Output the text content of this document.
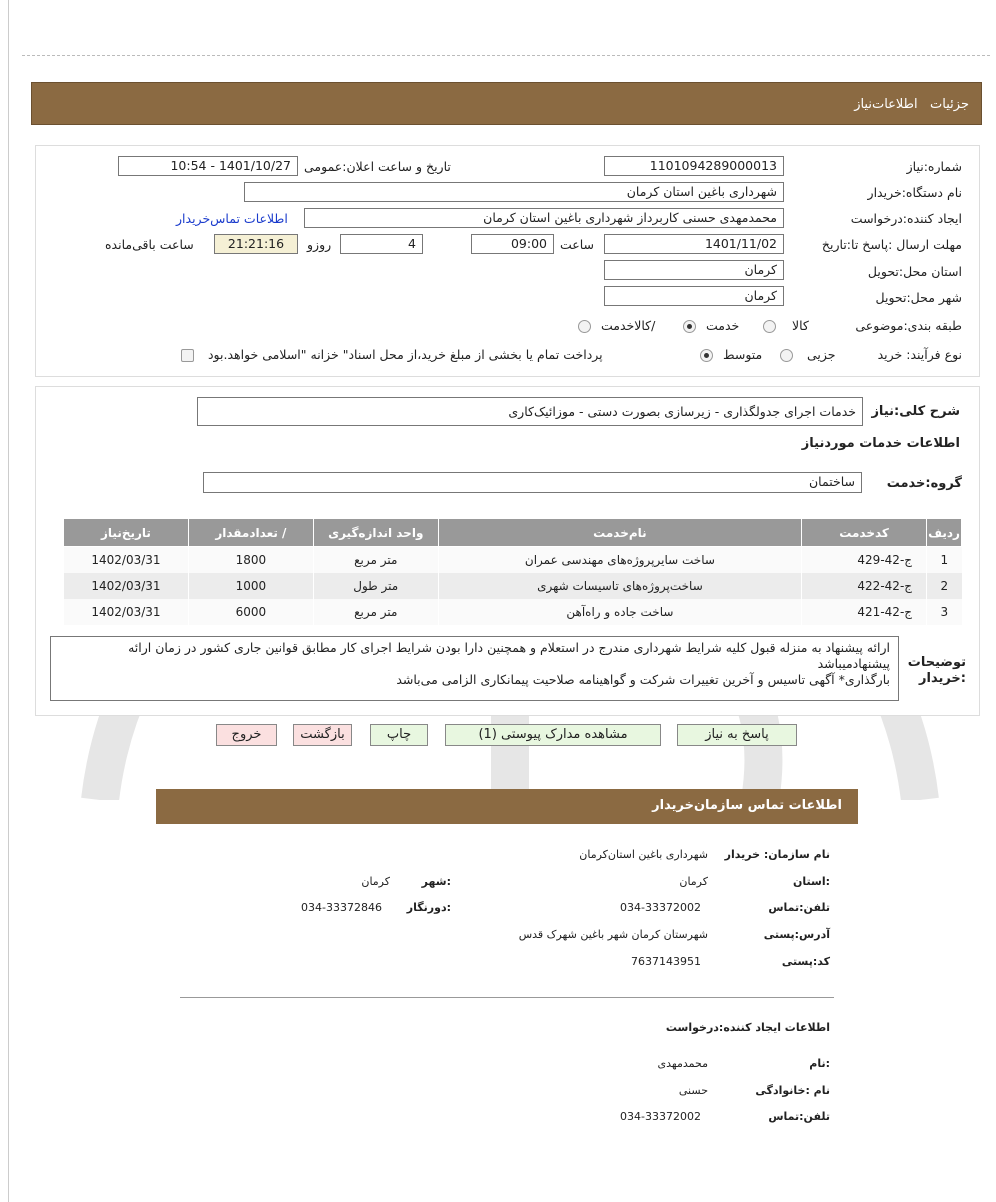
جزئیات   اطلاعات‌نیاز
شماره:نیاز
1101094289000013
تاریخ و ساعت اعلان:عمومی
1401/10/27 - 10:54
نام دستگاه:خریدار
شهرداری باغین استان کرمان
ایجاد کننده:درخواست
محمدمهدی حسنی کاربرداز شهرداری باغین استان کرمان
اطلاعات تماس‌خریدار
مهلت ارسال :پاسخ تا:تاریخ
1401/11/02
ساعت
09:00
4
روزو
21:21:16
ساعت باقی‌مانده
استان محل:تحویل
کرمان
شهر محل:تحویل
کرمان
طبقه بندی:موضوعی
کالا
خدمت
/کالاخدمت
نوع فرآیند: خرید
جزیی
متوسط
پرداخت تمام یا بخشی از مبلغ خرید،از محل اسناد" خزانه "اسلامی خواهد.بود
شرح کلی:نیاز
خدمات اجرای جدولگذاری - زیرسازی بصورت دستی - موزائیک‌کاری
اطلاعات خدمات موردنیاز
گروه:خدمت
ساختمان
ردیف	کدخدمت	نام‌خدمت	واحد اندازه‌گیری	/ تعدادمقدار	تاریخ‌نیاز
1	ج-42-429	ساخت سایرپروژه‌های مهندسی عمران	متر مربع	1800	1402/03/31
2	ج-42-422	ساخت‌پروژه‌های تاسیسات شهری	متر طول	1000	1402/03/31
3	ج-42-421	ساخت جاده و راه‌آهن	متر مربع	6000	1402/03/31
توضیحات :خریدار
ارائه پیشنهاد به منزله قبول کلیه شرایط شهرداری مندرج در استعلام و همچنین دارا بودن شرایط اجرای کار مطابق قوانین جاری کشور در زمان ارائه پیشنهادمیباشد
بارگذاری* آگهی تاسیس و آخرین تغییرات شرکت و گواهینامه صلاحیت پیمانکاری الزامی می‌باشد
پاسخ به نیاز
مشاهده مدارک پیوستی (1)
چاپ
بازگشت
خروج
اطلاعات تماس سازمان‌خریدار
نام سازمان: خریدار
شهرداری باغین استان‌کرمان
:استان
کرمان
:شهر
کرمان
تلفن:تماس
034-33372002
:دورنگار
034-33372846
آدرس:پستی
شهرستان کرمان شهر باغین شهرک قدس
کد:پستی
7637143951
اطلاعات ایجاد کننده:درخواست
:نام
محمدمهدی
نام :خانوادگی
حسنی
تلفن:تماس
034-33372002
